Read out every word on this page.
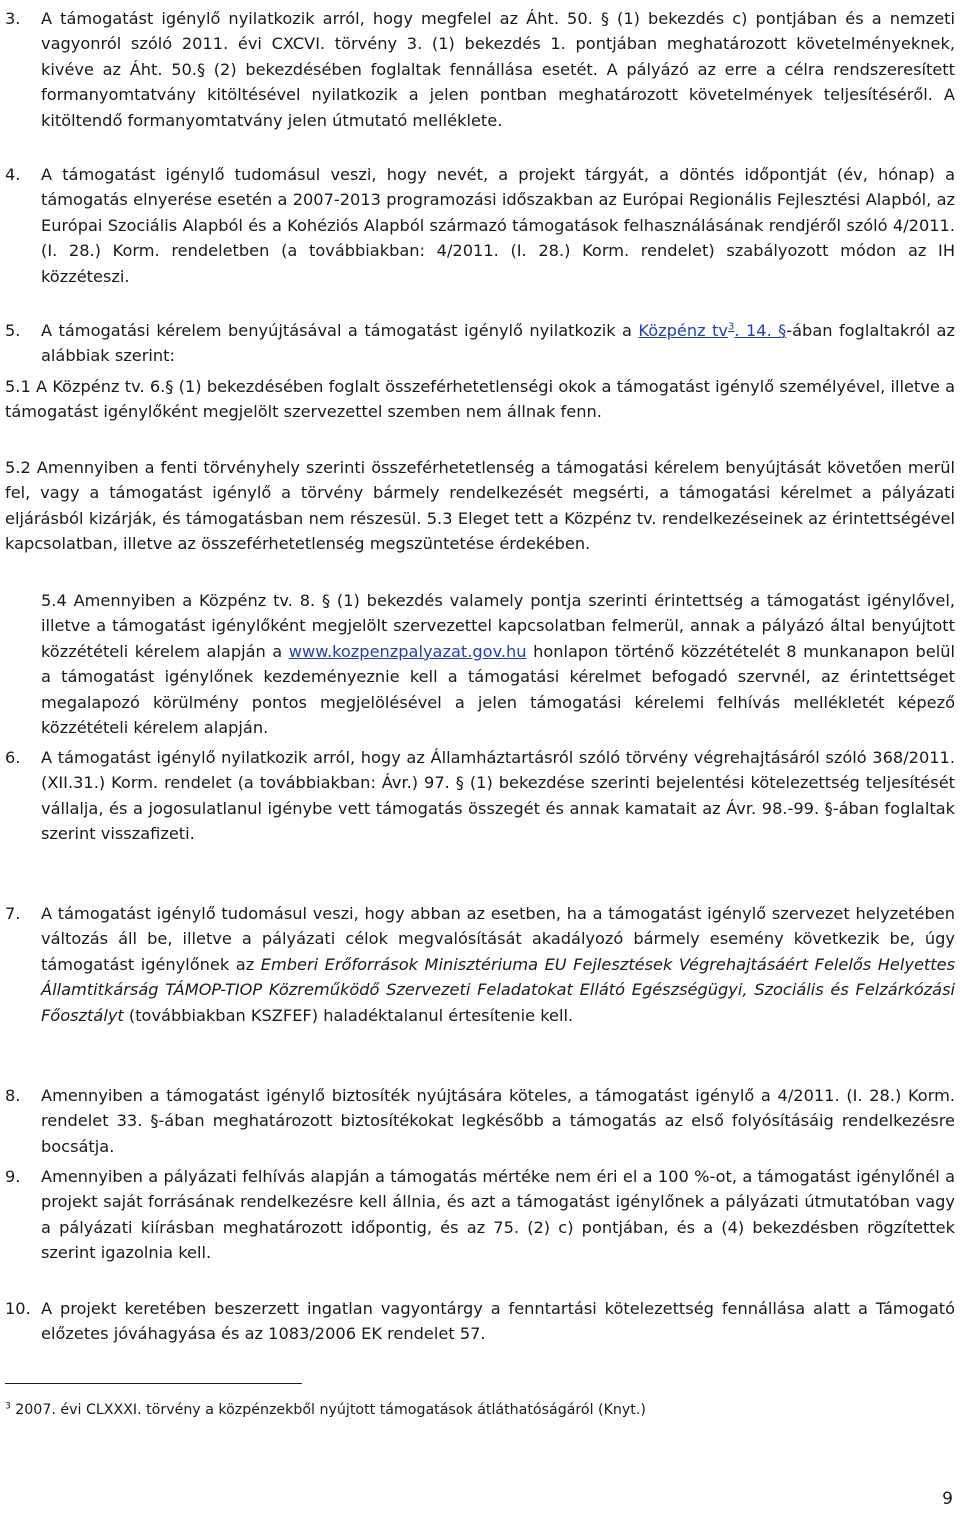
3. A támogatást igénylő nyilatkozik arról, hogy megfelel az Áht. 50. § (1) bekezdés c) pontjában és a nemzeti vagyonról szóló 2011. évi CXCVI. törvény 3. (1) bekezdés 1. pontjában meghatározott követelményeknek, kivéve az Áht. 50.§ (2) bekezdésében foglaltak fennállása esetét. A pályázó az erre a célra rendszeresített formanyomtatvány kitöltésével nyilatkozik a jelen pontban meghatározott követelmények teljesítéséről. A kitöltendő formanyomtatvány jelen útmutató melléklete.
4. A támogatást igénylő tudomásul veszi, hogy nevét, a projekt tárgyát, a döntés időpontját (év, hónap) a támogatás elnyerése esetén a 2007-2013 programozási időszakban az Európai Regionális Fejlesztési Alapból, az Európai Szociális Alapból és a Kohéziós Alapból származó támogatások felhasználásának rendjéről szóló 4/2011. (I. 28.) Korm. rendeletben (a továbbiakban: 4/2011. (I. 28.) Korm. rendelet) szabályozott módon az IH közzéteszi.
5. A támogatási kérelem benyújtásával a támogatást igénylő nyilatkozik a Közpénz $tv^3$. 14. §-ában foglaltakról az alábbiak szerint:
5.1 A Közpénz tv. 6.§ (1) bekezdésében foglalt összeférhetetlenségi okok a támogatást igénylő személyével, illetve a támogatást igénylőként megjelölt szervezettel szemben nem állnak fenn.
5.2 Amennyiben a fenti törvényhely szerinti összeférhetetlenség a támogatási kérelem benyújtását követően merül fel, vagy a támogatást igénylő a törvény bármely rendelkezését megsérti, a támogatási kérelmet a pályázati eljárásból kizárják, és támogatásban nem részesül. 5.3 Eleget tett a Közpénz tv. rendelkezéseinek az érintettségével kapcsolatban, illetve az összeférhetetlenség megszüntetése érdekében.
5.4 Amennyiben a Közpénz tv. 8. § (1) bekezdés valamely pontja szerinti érintettség a támogatást igénylővel, illetve a támogatást igénylőként megjelölt szervezettel kapcsolatban felmerül, annak a pályázó által benyújtott közzétételi kérelem alapján a www.kozpenzpalyazat.gov.hu honlapon történő közzétételét 8 munkanapon belül a támogatást igénylőnek kezdeményeznie kell a támogatási kérelmet befogadó szervnél, az érintettséget megalapozó körülmény pontos megjelölésével a jelen támogatási kérelemi felhívás mellékletét képező közzétételi kérelem alapján.
6. A támogatást igénylő nyilatkozik arról, hogy az Államháztartásról szóló törvény végrehajtásáról szóló 368/2011. (XII.31.) Korm. rendelet (a továbbiakban: Ávr.) 97. § (1) bekezdése szerinti bejelentési kötelezettség teljesítését vállalja, és a jogosulatlanul igénybe vett támogatás összegét és annak kamatait az Ávr. 98.-99. §-ában foglaltak szerint visszafizeti.
7. A támogatást igénylő tudomásul veszi, hogy abban az esetben, ha a támogatást igénylő szervezet helyzetében változás áll be, illetve a pályázati célok megvalósítását akadályozó bármely esemény következik be, úgy támogatást igénylőnek az Emberi Erőforrások Minisztériuma EU Fejlesztések Végrehajtásáért Felelős Helyettes Államtitkárság TÁMOP-TIOP Közreműködő Szervezeti Feladatokat Ellátó Egészségügyi, Szociális és Felzárkózási Főosztályt (továbbiakban KSZFEF) haladéktalanul értesítenie kell.
8. Amennyiben a támogatást igénylő biztosíték nyújtására köteles, a támogatást igénylő a 4/2011. (I. 28.) Korm. rendelet 33. §-ában meghatározott biztosítékokat legkésőbb a támogatás az első folyósításáig rendelkezésre bocsátja.
9. Amennyiben a pályázati felhívás alapján a támogatás mértéke nem éri el a 100 %-ot, a támogatást igénylőnél a projekt saját forrásának rendelkezésre kell állnia, és azt a támogatást igénylőnek a pályázati útmutatóban vagy a pályázati kiírásban meghatározott időpontig, és az 75. (2) c) pontjában, és a (4) bekezdésben rögzítettek szerint igazolnia kell.
10. A projekt keretében beszerzett ingatlan vagyontárgy a fenntartási kötelezettség fennállása alatt a Támogató előzetes jóváhagyása és az 1083/2006 EK rendelet 57.
$^3$ 2007. évi CLXXXI. törvény a közpénzekből nyújtott támogatások átláthatóságáról (Knyt.)
9
